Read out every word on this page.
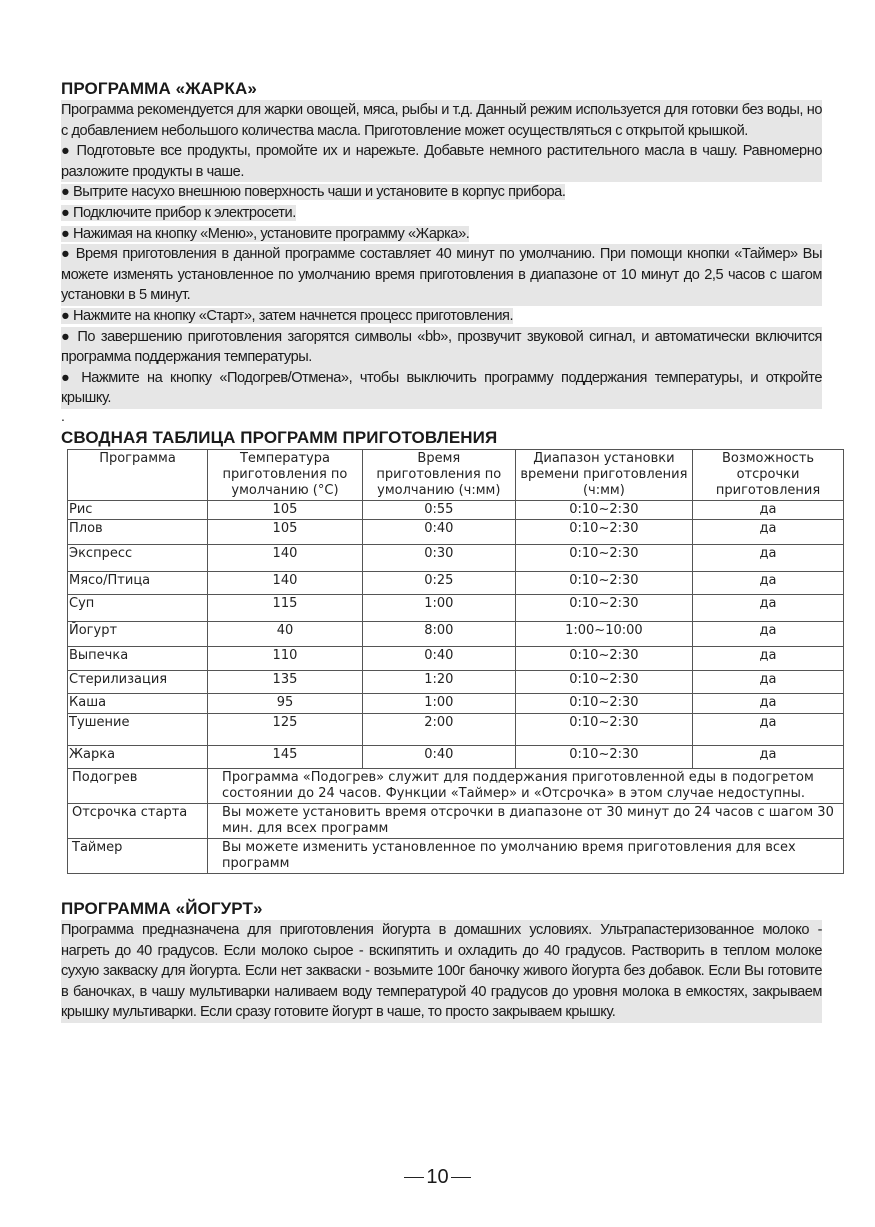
ПРОГРАММА «ЖАРКА»

Программа рекомендуется для жарки овощей, мяса, рыбы и т.д. Данный режим используется для готовки без воды, но с добавлением небольшого количества масла. Приготовление может осуществляться с открытой крышкой.

● Подготовьте все продукты, промойте их и нарежьте. Добавьте немного растительного масла в чашу. Равномерно разложите продукты в чаше.

● Вытрите насухо внешнюю поверхность чаши и установите в корпус прибора.

● Подключите прибор к электросети.

● Нажимая на кнопку «Меню», установите программу «Жарка».

● Время приготовления в данной программе составляет 40 минут по умолчанию. При помощи кнопки «Таймер» Вы можете изменять установленное по умолчанию время приготовления в диапазоне от 10 минут до 2,5 часов с шагом установки в 5 минут.

● Нажмите на кнопку «Старт», затем начнется процесс приготовления.

● По завершению приготовления загорятся символы «bb», прозвучит звуковой сигнал, и автоматически включится программа поддержания температуры.

● Нажмите на кнопку «Подогрев/Отмена», чтобы выключить программу поддержания температуры, и откройте крышку.

.
СВОДНАЯ ТАБЛИЦА ПРОГРАММ ПРИГОТОВЛЕНИЯ
Программа	Температура приготовления по умолчанию (°C)	Время приготовления по умолчанию (ч:мм)	Диапазон установки времени приготовления (ч:мм)	Возможность отсрочки приготовления
Рис	105	0:55	0:10~2:30	да
Плов	105	0:40	0:10~2:30	да
Экспресс	140	0:30	0:10~2:30	да
Мясо/Птица	140	0:25	0:10~2:30	да
Суп	115	1:00	0:10~2:30	да
Йогурт	40	8:00	1:00~10:00	да
Выпечка	110	0:40	0:10~2:30	да
Стерилизация	135	1:20	0:10~2:30	да
Каша	95	1:00	0:10~2:30	да
Тушение	125	2:00	0:10~2:30	да
Жарка	145	0:40	0:10~2:30	да
Подогрев	Программа «Подогрев» служит для поддержания приготовленной еды в подогретом состоянии до 24 часов. Функции «Таймер» и «Отсрочка» в этом случае недоступны.			
Отсрочка старта	Вы можете установить время отсрочки в диапазоне от 30 минут до 24 часов с шагом 30 мин. для всех программ			
Таймер	Вы можете изменить установленное по умолчанию время приготовления для всех программ			
ПРОГРАММА «ЙОГУРТ»

Программа предназначена для приготовления йогурта в домашних условиях. Ультрапастеризованное молоко - нагреть до 40 градусов. Если молоко сырое - вскипятить и охладить до 40 градусов. Растворить в теплом молоке сухую закваску для йогурта. Если нет закваски - возьмите 100г баночку живого йогурта без добавок. Если Вы готовите в баночках, в чашу мультиварки наливаем воду температурой 40 градусов до уровня молока в емкостях, закрываем крышку мультиварки. Если сразу готовите йогурт в чаше, то просто закрываем крышку.

10
